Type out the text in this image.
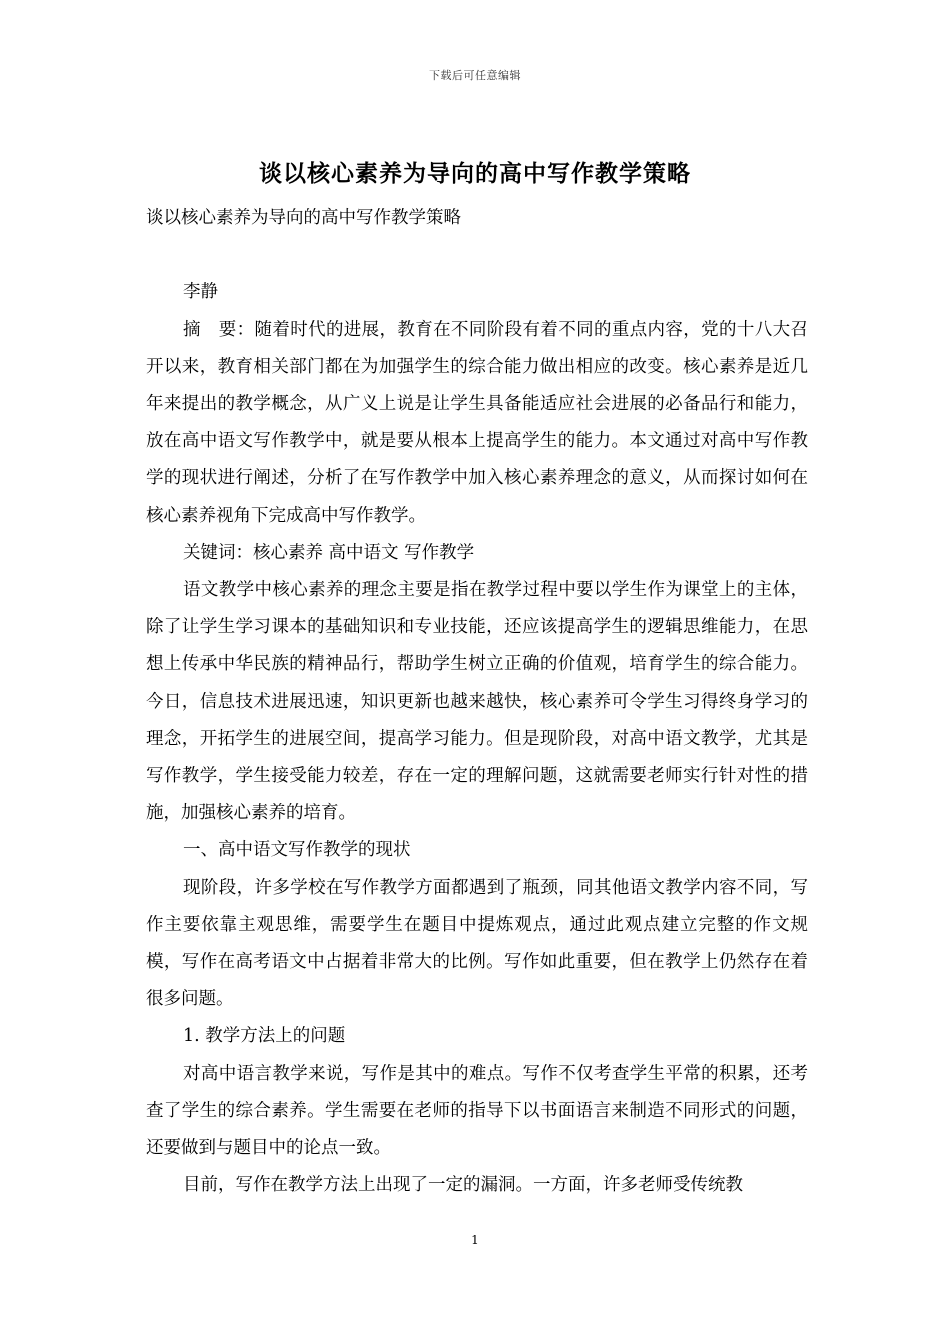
下载后可任意编辑
谈以核心素养为导向的高中写作教学策略

谈以核心素养为导向的高中写作教学策略

李静

摘　要：随着时代的进展，教育在不同阶段有着不同的重点内容，党的十八大召开以来，教育相关部门都在为加强学生的综合能力做出相应的改变。核心素养是近几年来提出的教学概念，从广义上说是让学生具备能适应社会进展的必备品行和能力，放在高中语文写作教学中，就是要从根本上提高学生的能力。本文通过对高中写作教学的现状进行阐述，分析了在写作教学中加入核心素养理念的意义，从而探讨如何在核心素养视角下完成高中写作教学。

关键词：核心素养 高中语文 写作教学

语文教学中核心素养的理念主要是指在教学过程中要以学生作为课堂上的主体，除了让学生学习课本的基础知识和专业技能，还应该提高学生的逻辑思维能力，在思想上传承中华民族的精神品行，帮助学生树立正确的价值观，培育学生的综合能力。今日，信息技术进展迅速，知识更新也越来越快，核心素养可令学生习得终身学习的理念，开拓学生的进展空间，提高学习能力。但是现阶段，对高中语文教学，尤其是写作教学，学生接受能力较差，存在一定的理解问题，这就需要老师实行针对性的措施，加强核心素养的培育。

一、高中语文写作教学的现状

现阶段，许多学校在写作教学方面都遇到了瓶颈，同其他语文教学内容不同，写作主要依靠主观思维，需要学生在题目中提炼观点，通过此观点建立完整的作文规模，写作在高考语文中占据着非常大的比例。写作如此重要，但在教学上仍然存在着很多问题。

1. 教学方法上的问题

对高中语言教学来说，写作是其中的难点。写作不仅考查学生平常的积累，还考查了学生的综合素养。学生需要在老师的指导下以书面语言来制造不同形式的问题，还要做到与题目中的论点一致。

目前，写作在教学方法上出现了一定的漏洞。一方面，许多老师受传统教

1
